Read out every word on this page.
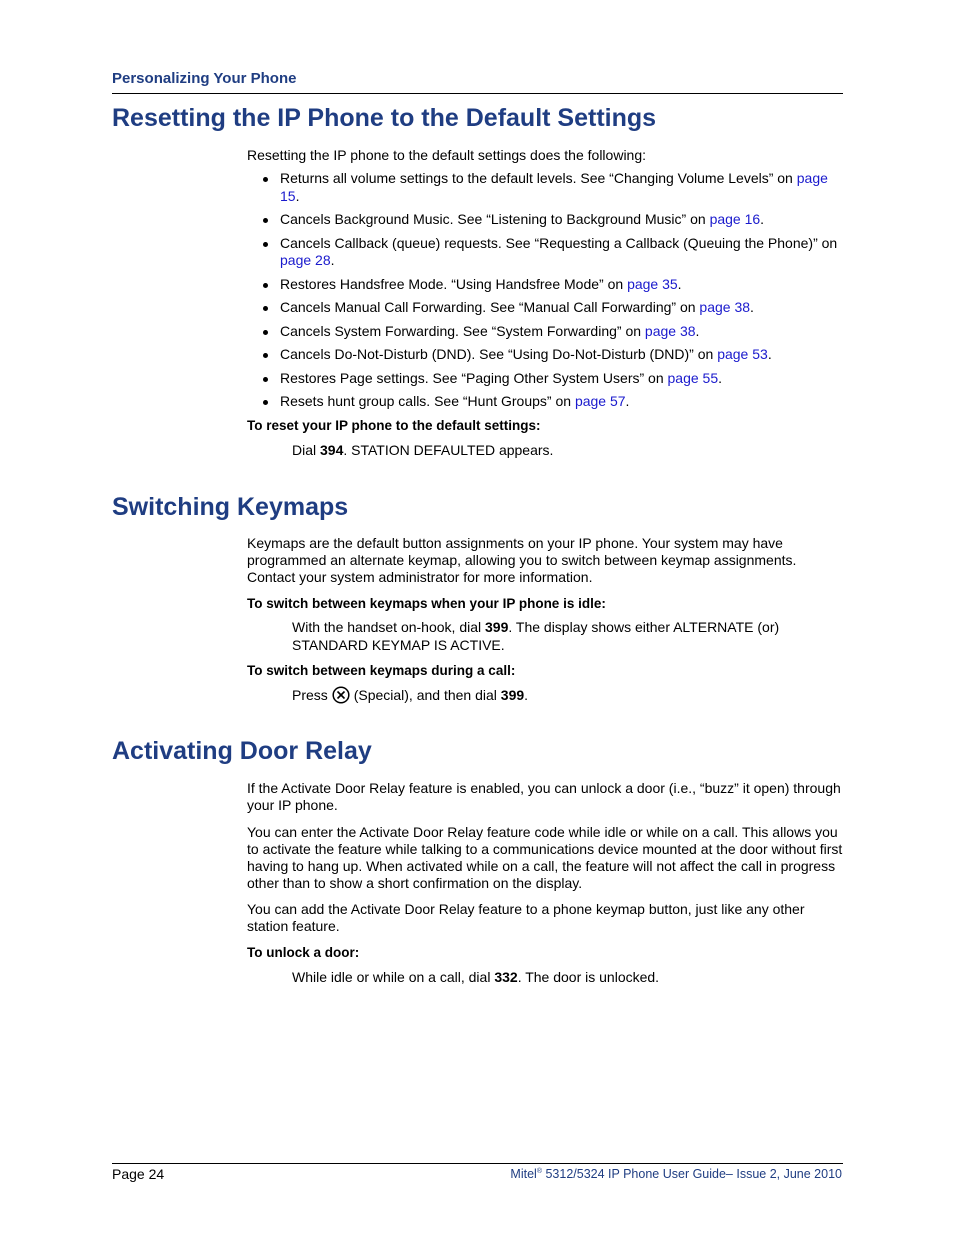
Personalizing Your Phone
Resetting the IP Phone to the Default Settings
Resetting the IP phone to the default settings does the following:
Returns all volume settings to the default levels. See “Changing Volume Levels” on page 15.
Cancels Background Music. See “Listening to Background Music” on page 16.
Cancels Callback (queue) requests. See “Requesting a Callback (Queuing the Phone)” on page 28.
Restores Handsfree Mode. “Using Handsfree Mode” on page 35.
Cancels Manual Call Forwarding. See “Manual Call Forwarding” on page 38.
Cancels System Forwarding. See “System Forwarding” on page 38.
Cancels Do-Not-Disturb (DND). See “Using Do-Not-Disturb (DND)” on page 53.
Restores Page settings. See “Paging Other System Users” on page 55.
Resets hunt group calls. See “Hunt Groups” on page 57.
To reset your IP phone to the default settings:
Dial 394. STATION DEFAULTED appears.
Switching Keymaps
Keymaps are the default button assignments on your IP phone. Your system may have programmed an alternate keymap, allowing you to switch between keymap assignments. Contact your system administrator for more information.
To switch between keymaps when your IP phone is idle:
With the handset on-hook, dial 399. The display shows either ALTERNATE (or) STANDARD KEYMAP IS ACTIVE.
To switch between keymaps during a call:
Press (Special), and then dial 399.
Activating Door Relay
If the Activate Door Relay feature is enabled, you can unlock a door (i.e., “buzz” it open) through your IP phone.
You can enter the Activate Door Relay feature code while idle or while on a call. This allows you to activate the feature while talking to a communications device mounted at the door without first having to hang up. When activated while on a call, the feature will not affect the call in progress other than to show a short confirmation on the display.
You can add the Activate Door Relay feature to a phone keymap button, just like any other station feature.
To unlock a door:
While idle or while on a call, dial 332. The door is unlocked.
Page 24	Mitel® 5312/5324 IP Phone User Guide– Issue 2, June 2010
